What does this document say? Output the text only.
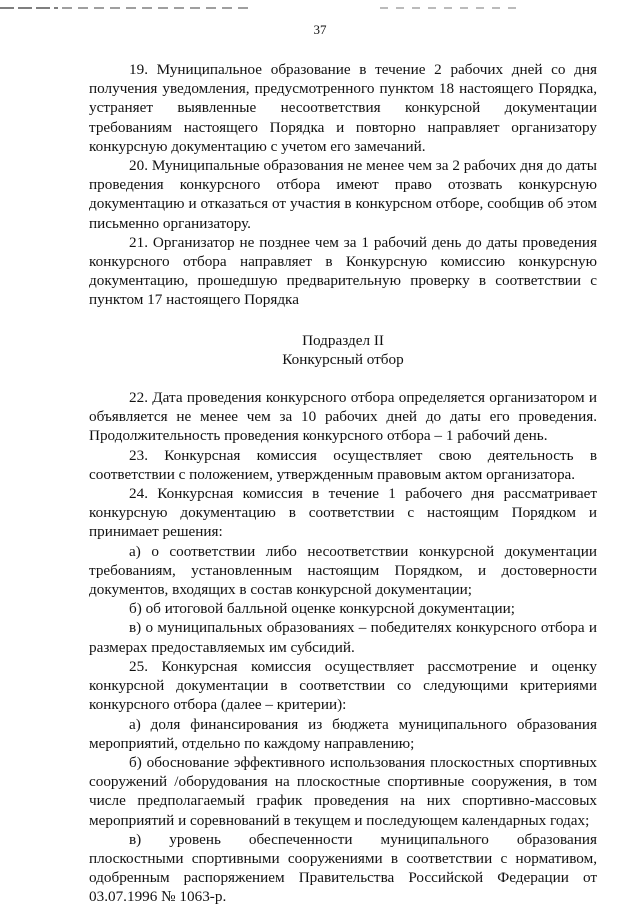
37

19. Муниципальное образование в течение 2 рабочих дней со дня получения уведомления, предусмотренного пунктом 18 настоящего Порядка, устраняет выявленные несоответствия конкурсной документации требованиям настоящего Порядка и повторно направляет организатору конкурсную документацию с учетом его замечаний.

20. Муниципальные образования не менее чем за 2 рабочих дня до даты проведения конкурсного отбора имеют право отозвать конкурсную документацию и отказаться от участия в конкурсном отборе, сообщив об этом письменно организатору.

21. Организатор не позднее чем за 1 рабочий день до даты проведения конкурсного отбора направляет в Конкурсную комиссию конкурсную документацию, прошедшую предварительную проверку в соответствии с пунктом 17 настоящего Порядка

Подраздел II

Конкурсный отбор

22. Дата проведения конкурсного отбора определяется организатором и объявляется не менее чем за 10 рабочих дней до даты его проведения. Продолжительность проведения конкурсного отбора – 1 рабочий день.

23. Конкурсная комиссия осуществляет свою деятельность в соответствии с положением, утвержденным правовым актом организатора.

24. Конкурсная комиссия в течение 1 рабочего дня рассматривает конкурсную документацию в соответствии с настоящим Порядком и принимает решения:

а) о соответствии либо несоответствии конкурсной документации требованиям, установленным настоящим Порядком, и достоверности документов, входящих в состав конкурсной документации;

б) об итоговой балльной оценке конкурсной документации;

в) о муниципальных образованиях – победителях конкурсного отбора и размерах предоставляемых им субсидий.

25. Конкурсная комиссия осуществляет рассмотрение и оценку конкурсной документации в соответствии со следующими критериями конкурсного отбора (далее – критерии):

а) доля финансирования из бюджета муниципального образования мероприятий, отдельно по каждому направлению;

б) обоснование эффективного использования плоскостных спортивных сооружений /оборудования на плоскостные спортивные сооружения, в том числе предполагаемый график проведения на них спортивно-массовых мероприятий и соревнований в текущем и последующем календарных годах;

в) уровень обеспеченности муниципального образования плоскостными спортивными сооружениями в соответствии с нормативом, одобренным распоряжением Правительства Российской Федерации от 03.07.1996 № 1063-р.
